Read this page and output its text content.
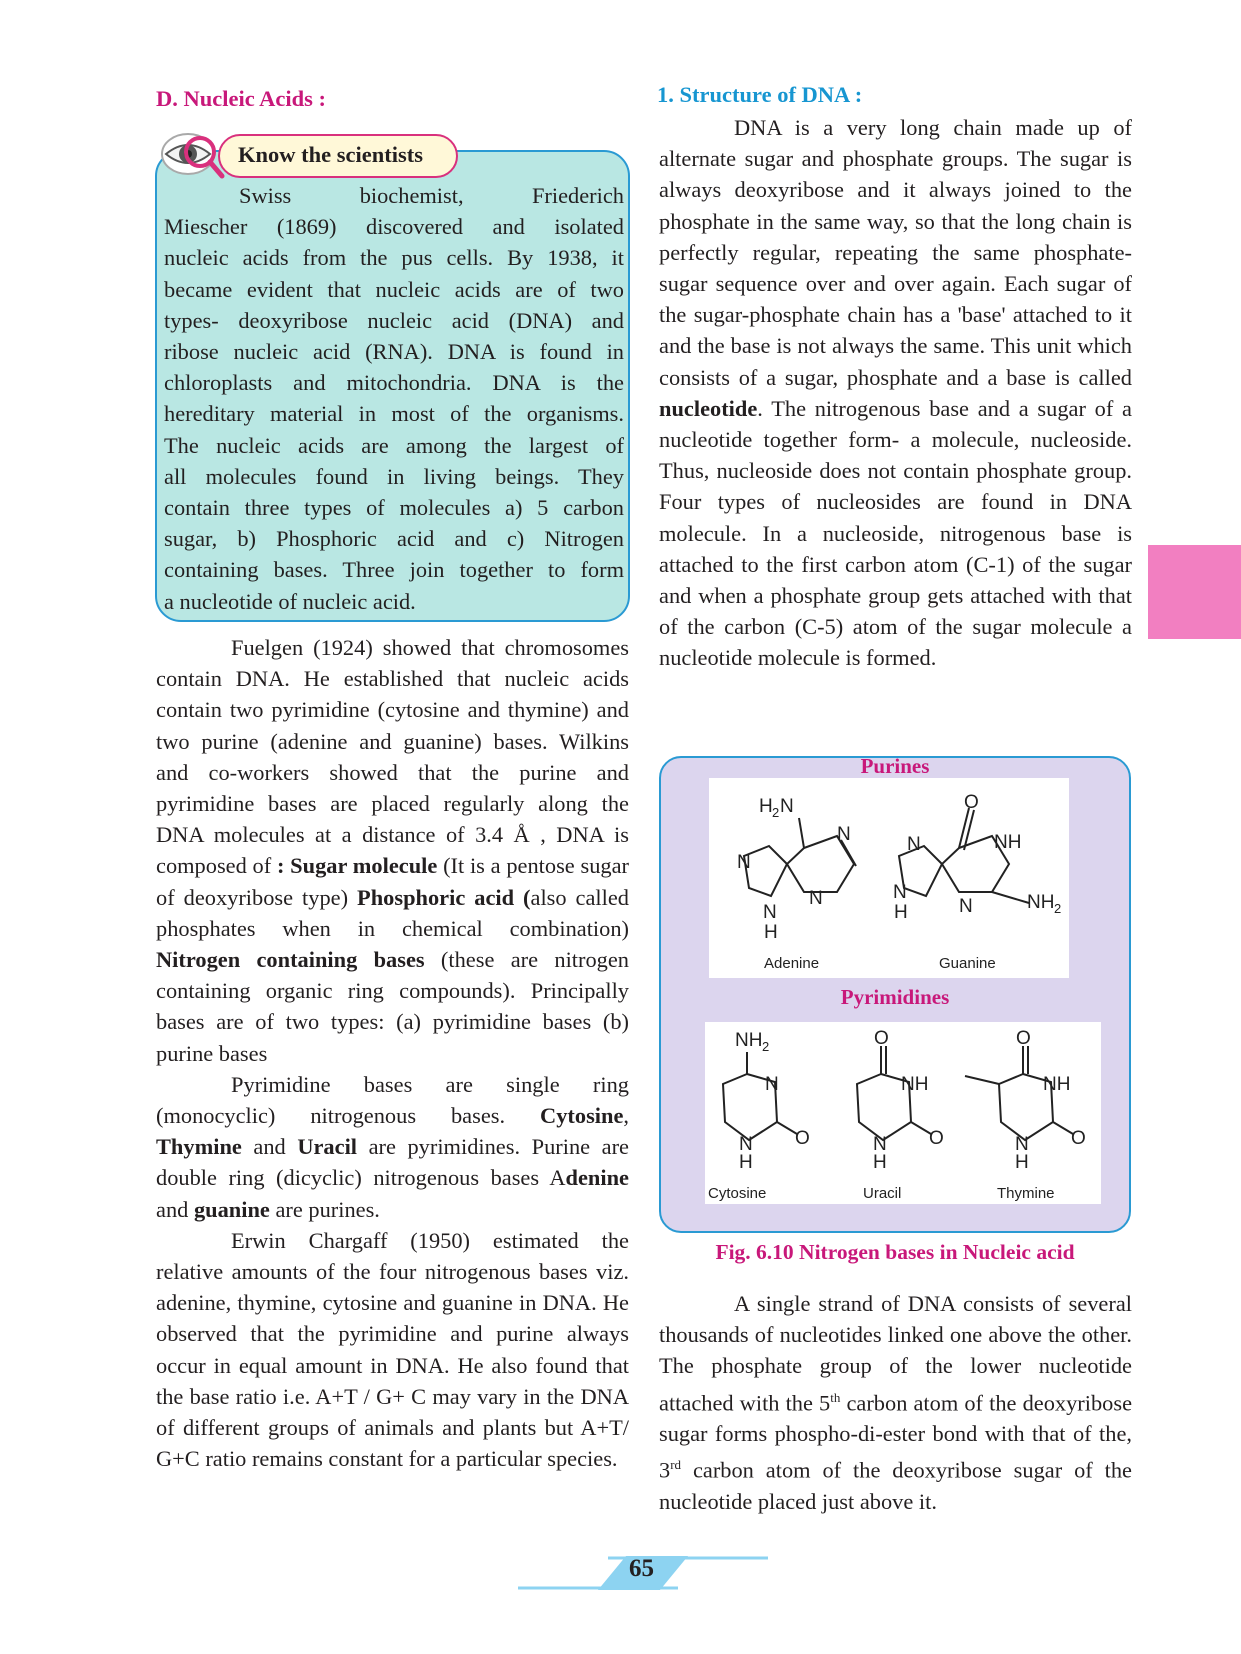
D. Nucleic Acids :
Know the scientists

Swiss biochemist, Friederich

Miescher (1869) discovered and isolated

nucleic acids from the pus cells. By 1938, it

became evident that nucleic acids are of two

types- deoxyribose nucleic acid (DNA) and

ribose nucleic acid (RNA). DNA is found in

chloroplasts and mitochondria. DNA is the

hereditary material in most of the organisms.

The nucleic acids are among the largest of

all molecules found in living beings. They

contain three types of molecules a) 5 carbon

sugar, b) Phosphoric acid and c) Nitrogen

containing bases. Three join together to form

a nucleotide of nucleic acid.

Fuelgen (1924) showed that chromosomes contain DNA. He established that nucleic acids contain two pyrimidine (cytosine and thymine) and two purine (adenine and guanine) bases. Wilkins and co-workers showed that the purine and pyrimidine bases are placed regularly along the DNA molecules at a distance of 3.4 Å , DNA is composed of : Sugar molecule (It is a pentose sugar of deoxyribose type) Phosphoric acid (also called phosphates when in chemical combination) Nitrogen containing bases (these are nitrogen containing organic ring compounds). Principally bases are of two types: (a) pyrimidine bases (b) purine bases

Pyrimidine bases are single ring (monocyclic) nitrogenous bases. Cytosine, Thymine and Uracil are pyrimidines. Purine are double ring (dicyclic) nitrogenous bases Adenine and guanine are purines.

Erwin Chargaff (1950) estimated the relative amounts of the four nitrogenous bases viz. adenine, thymine, cytosine and guanine in DNA. He observed that the pyrimidine and purine always occur in equal amount in DNA. He also found that the base ratio i.e. A+T / G+ C may vary in the DNA of different groups of animals and plants but A+T/ G+C ratio remains constant for a particular species.

1. Structure of DNA :

DNA is a very long chain made up of alternate sugar and phosphate groups. The sugar is always deoxyribose and it always joined to the phosphate in the same way, so that the long chain is perfectly regular, repeating the same phosphate-sugar sequence over and over again. Each sugar of the sugar-phosphate chain has a 'base' attached to it and the base is not always the same. This unit which consists of a sugar, phosphate and a base is called nucleotide. The nitrogenous base and a sugar of a nucleotide together form- a molecule, nucleoside. Thus, nucleoside does not contain phosphate group. Four types of nucleosides are found in DNA molecule. In a nucleoside, nitrogenous base is attached to the first carbon atom (C-1) of the sugar and when a phosphate group gets attached with that of the carbon (C-5) atom of the sugar molecule a nucleotide molecule is formed.

Purines
H 2 N
N
N
N
N
H
O
N	NH
N
H	N	NH 2
Adenine	Guanine
Pyrimidines
NH 2
N
N
H
O
O
NH
N
H
O
O
NH
N
H
O
Cytosine	Uracil	Thymine
Fig. 6.10 Nitrogen bases in Nucleic acid

A single strand of DNA consists of several thousands of nucleotides linked one above the other. The phosphate group of the lower nucleotide attached with the 5th carbon atom of the deoxyribose sugar forms phospho-di-ester bond with that of the, 3rd carbon atom of the deoxyribose sugar of the nucleotide placed just above it.

65
